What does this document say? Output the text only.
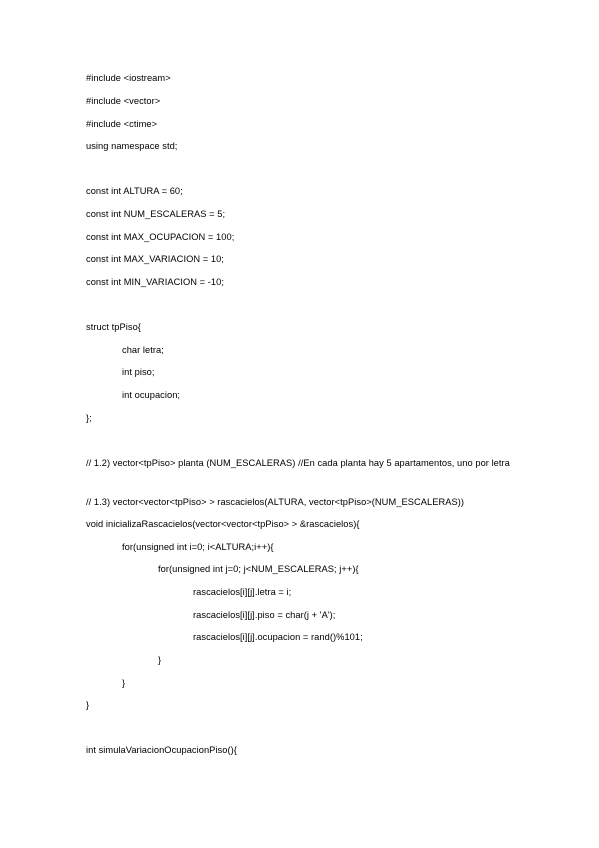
#include <iostream>
#include <vector>
#include <ctime>
using namespace std;
const int ALTURA = 60;
const int NUM_ESCALERAS = 5;
const int MAX_OCUPACION = 100;
const int MAX_VARIACION = 10;
const int MIN_VARIACION = -10;
struct tpPiso{
char letra;
int piso;
int ocupacion;
};
// 1.2) vector<tpPiso> planta (NUM_ESCALERAS) //En cada planta hay 5 apartamentos, uno por letra
// 1.3) vector<vector<tpPiso> > rascacielos(ALTURA, vector<tpPiso>(NUM_ESCALERAS))
void inicializaRascacielos(vector<vector<tpPiso> > &rascacielos){
for(unsigned int i=0; i<ALTURA;i++){
for(unsigned int j=0; j<NUM_ESCALERAS; j++){
rascacielos[i][j].letra = i;
rascacielos[i][j].piso = char(j + 'A');
rascacielos[i][j].ocupacion = rand()%101;
}
}
}
int simulaVariacionOcupacionPiso(){
